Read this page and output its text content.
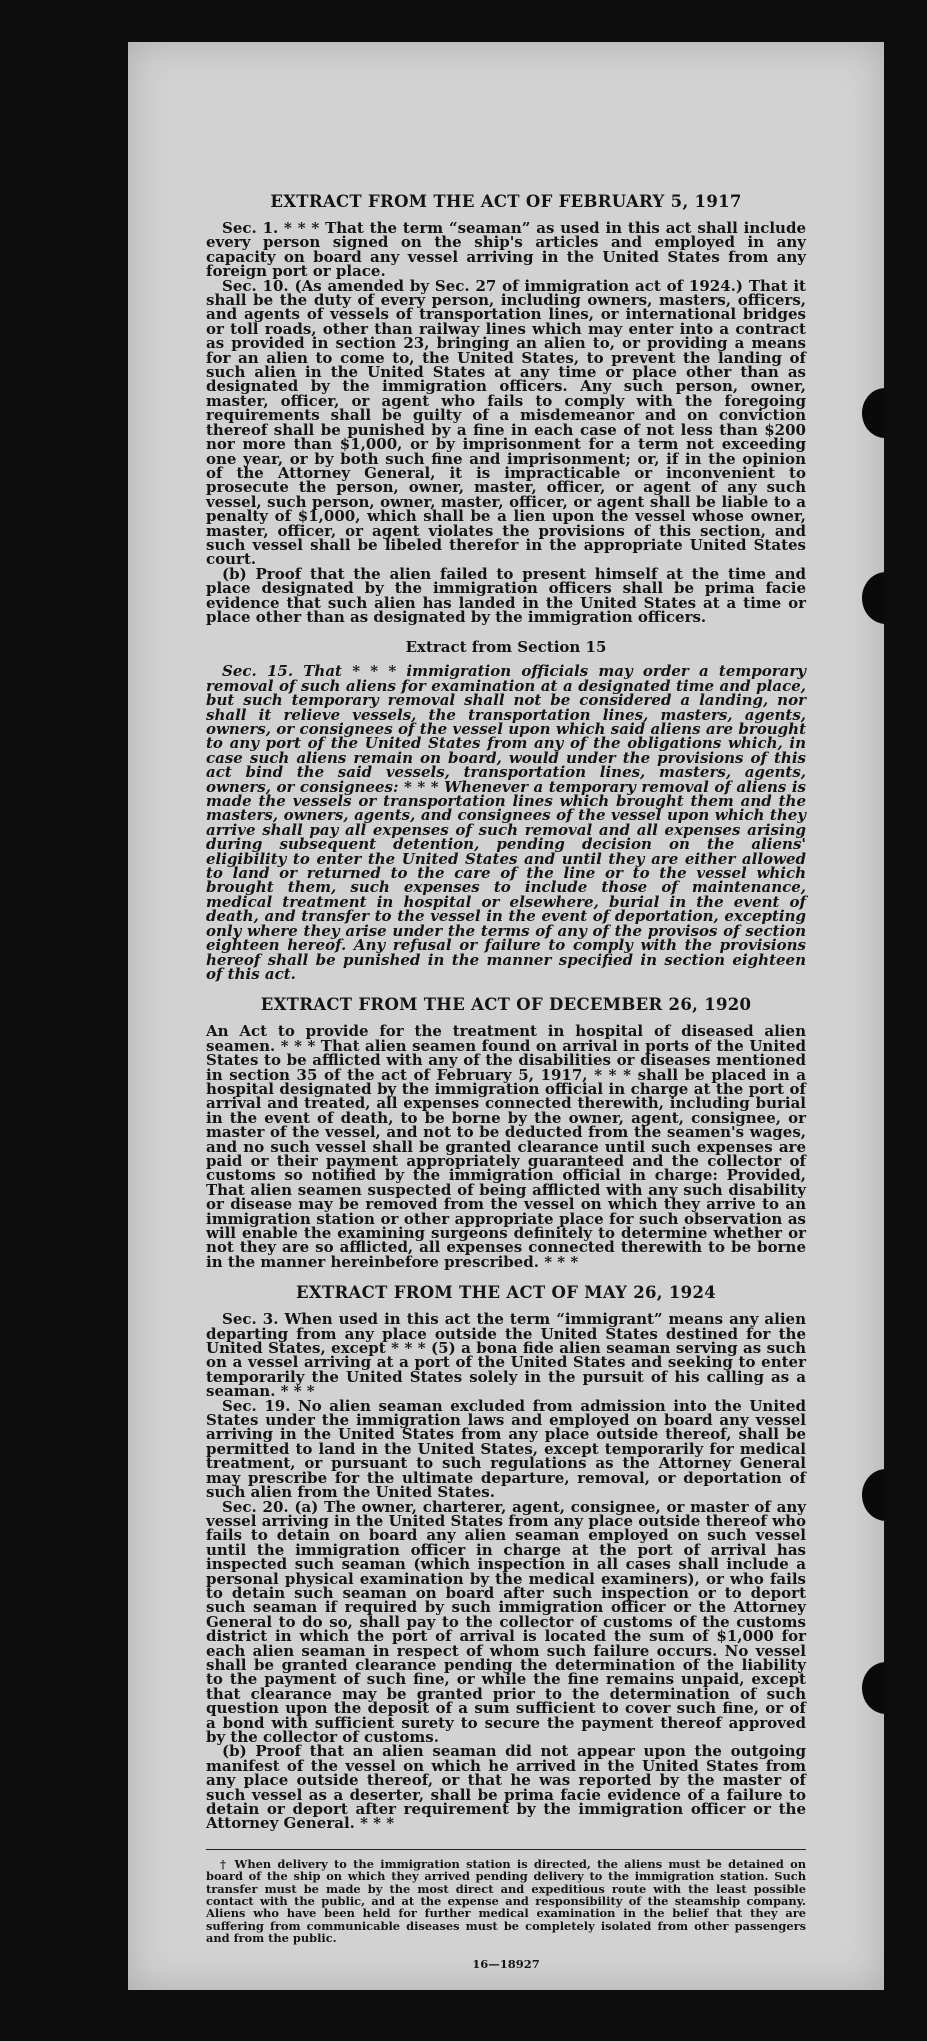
EXTRACT FROM THE ACT OF FEBRUARY 5, 1917

Sec. 1. * * * That the term “seaman” as used in this act shall include every person signed on the ship's articles and employed in any capacity on board any vessel arriving in the United States from any foreign port or place.

Sec. 10. (As amended by Sec. 27 of immigration act of 1924.) That it shall be the duty of every person, including owners, masters, officers, and agents of vessels of transportation lines, or international bridges or toll roads, other than railway lines which may enter into a contract as provided in section 23, bringing an alien to, or providing a means for an alien to come to, the United States, to prevent the landing of such alien in the United States at any time or place other than as designated by the immigration officers. Any such person, owner, master, officer, or agent who fails to comply with the foregoing requirements shall be guilty of a misdemeanor and on conviction thereof shall be punished by a fine in each case of not less than $200 nor more than $1,000, or by imprisonment for a term not exceeding one year, or by both such fine and imprisonment; or, if in the opinion of the Attorney General, it is impracticable or inconvenient to prosecute the person, owner, master, officer, or agent of any such vessel, such person, owner, master, officer, or agent shall be liable to a penalty of $1,000, which shall be a lien upon the vessel whose owner, master, officer, or agent violates the provisions of this section, and such vessel shall be libeled therefor in the appropriate United States court.

(b) Proof that the alien failed to present himself at the time and place designated by the immigration officers shall be prima facie evidence that such alien has landed in the United States at a time or place other than as designated by the immigration officers.

Extract from Section 15

Sec. 15. That * * * immigration officials may order a temporary removal of such aliens for examination at a designated time and place, but such temporary removal shall not be considered a landing, nor shall it relieve vessels, the transportation lines, masters, agents, owners, or consignees of the vessel upon which said aliens are brought to any port of the United States from any of the obligations which, in case such aliens remain on board, would under the provisions of this act bind the said vessels, transportation lines, masters, agents, owners, or consignees: * * * Whenever a temporary removal of aliens is made the vessels or transportation lines which brought them and the masters, owners, agents, and consignees of the vessel upon which they arrive shall pay all expenses of such removal and all expenses arising during subsequent detention, pending decision on the aliens' eligibility to enter the United States and until they are either allowed to land or returned to the care of the line or to the vessel which brought them, such expenses to include those of maintenance, medical treatment in hospital or elsewhere, burial in the event of death, and transfer to the vessel in the event of deportation, excepting only where they arise under the terms of any of the provisos of section eighteen hereof. Any refusal or failure to comply with the provisions hereof shall be punished in the manner specified in section eighteen of this act.

EXTRACT FROM THE ACT OF DECEMBER 26, 1920

An Act to provide for the treatment in hospital of diseased alien seamen. * * * That alien seamen found on arrival in ports of the United States to be afflicted with any of the disabilities or diseases mentioned in section 35 of the act of February 5, 1917, * * * shall be placed in a hospital designated by the immigration official in charge at the port of arrival and treated, all expenses connected therewith, including burial in the event of death, to be borne by the owner, agent, consignee, or master of the vessel, and not to be deducted from the seamen's wages, and no such vessel shall be granted clearance until such expenses are paid or their payment appropriately guaranteed and the collector of customs so notified by the immigration official in charge: Provided, That alien seamen suspected of being afflicted with any such disability or disease may be removed from the vessel on which they arrive to an immigration station or other appropriate place for such observation as will enable the examining surgeons definitely to determine whether or not they are so afflicted, all expenses connected therewith to be borne in the manner hereinbefore prescribed. * * *

EXTRACT FROM THE ACT OF MAY 26, 1924

Sec. 3. When used in this act the term “immigrant” means any alien departing from any place outside the United States destined for the United States, except * * * (5) a bona fide alien seaman serving as such on a vessel arriving at a port of the United States and seeking to enter temporarily the United States solely in the pursuit of his calling as a seaman. * * *

Sec. 19. No alien seaman excluded from admission into the United States under the immigration laws and employed on board any vessel arriving in the United States from any place outside thereof, shall be permitted to land in the United States, except temporarily for medical treatment, or pursuant to such regulations as the Attorney General may prescribe for the ultimate departure, removal, or deportation of such alien from the United States.

Sec. 20. (a) The owner, charterer, agent, consignee, or master of any vessel arriving in the United States from any place outside thereof who fails to detain on board any alien seaman employed on such vessel until the immigration officer in charge at the port of arrival has inspected such seaman (which inspection in all cases shall include a personal physical examination by the medical examiners), or who fails to detain such seaman on board after such inspection or to deport such seaman if required by such immigration officer or the Attorney General to do so, shall pay to the collector of customs of the customs district in which the port of arrival is located the sum of $1,000 for each alien seaman in respect of whom such failure occurs. No vessel shall be granted clearance pending the determination of the liability to the payment of such fine, or while the fine remains unpaid, except that clearance may be granted prior to the determination of such question upon the deposit of a sum sufficient to cover such fine, or of a bond with sufficient surety to secure the payment thereof approved by the collector of customs.

(b) Proof that an alien seaman did not appear upon the outgoing manifest of the vessel on which he arrived in the United States from any place outside thereof, or that he was reported by the master of such vessel as a deserter, shall be prima facie evidence of a failure to detain or deport after requirement by the immigration officer or the Attorney General. * * *

† When delivery to the immigration station is directed, the aliens must be detained on board of the ship on which they arrived pending delivery to the immigration station. Such transfer must be made by the most direct and expeditious route with the least possible contact with the public, and at the expense and responsibility of the steamship company. Aliens who have been held for further medical examination in the belief that they are suffering from communicable diseases must be completely isolated from other passengers and from the public.

16—18927
